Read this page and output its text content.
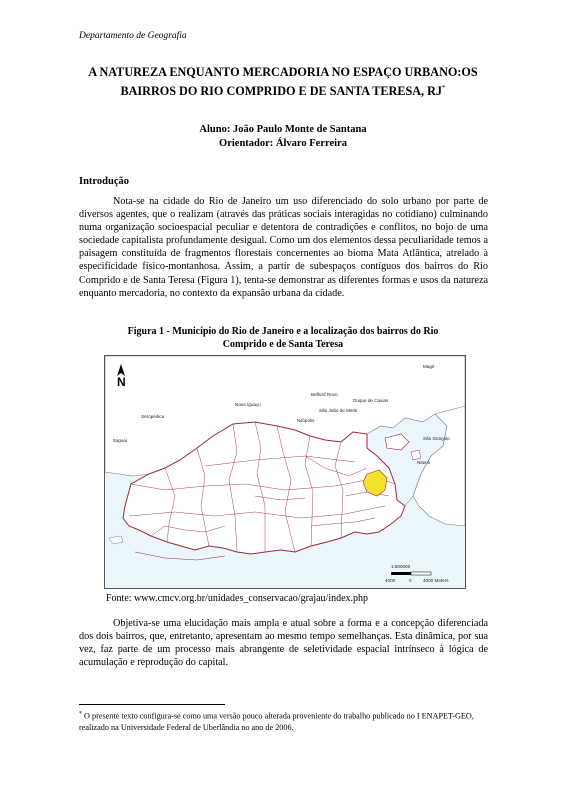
Departamento de Geografia
A NATUREZA ENQUANTO MERCADORIA NO ESPAÇO URBANO:OS BAIRROS DO RIO COMPRIDO E DE SANTA TERESA, RJ*
Aluno: João Paulo Monte de Santana
Orientador: Álvaro Ferreira
Introdução

Nota-se na cidade do Rio de Janeiro um uso diferenciado do solo urbano por parte de diversos agentes, que o realizam (através das práticas sociais interagidas no cotidiano) culminando numa organização socioespacial peculiar e detentora de contradições e conflitos, no bojo de uma sociedade capitalista profundamente desigual. Como um dos elementos dessa peculiaridade temos a paisagem constituída de fragmentos florestais concernentes ao bioma Mata Atlântica, atrelado à especificidade físico-montanhosa. Assim, a partir de subespaços contíguos dos bairros do Rio Comprido e de Santa Teresa (Figura 1), tenta-se demonstrar as diferentes formas e usos da natureza enquanto mercadoria, no contexto da expansão urbana da cidade.

Figura 1 - Município do Rio de Janeiro e a localização dos bairros do Rio Comprido e de Santa Teresa
N
Magé
Belford Roxo
São João de Meriti
Duque de Caxias
Nova Iguaçu
Nilópolis
Seropédica
Itaguaí	São Gonçalo
Niterói
1:500000
4000	0 4000 Meters
Fonte: www.cmcv.org.br/unidades_conservacao/grajau/index.php

Objetiva-se uma elucidação mais ampla e atual sobre a forma e a concepção diferenciada dos dois bairros, que, entretanto, apresentam ao mesmo tempo semelhanças. Esta dinâmica, por sua vez, faz parte de um processo mais abrangente de seletividade espacial intrínseco à lógica de acumulação e reprodução do capital.

* O presente texto configura-se como uma versão pouco alterada proveniente do trabalho publicado no I ENAPET-GEO, realizado na Universidade Federal de Uberlândia no ano de 2006.
